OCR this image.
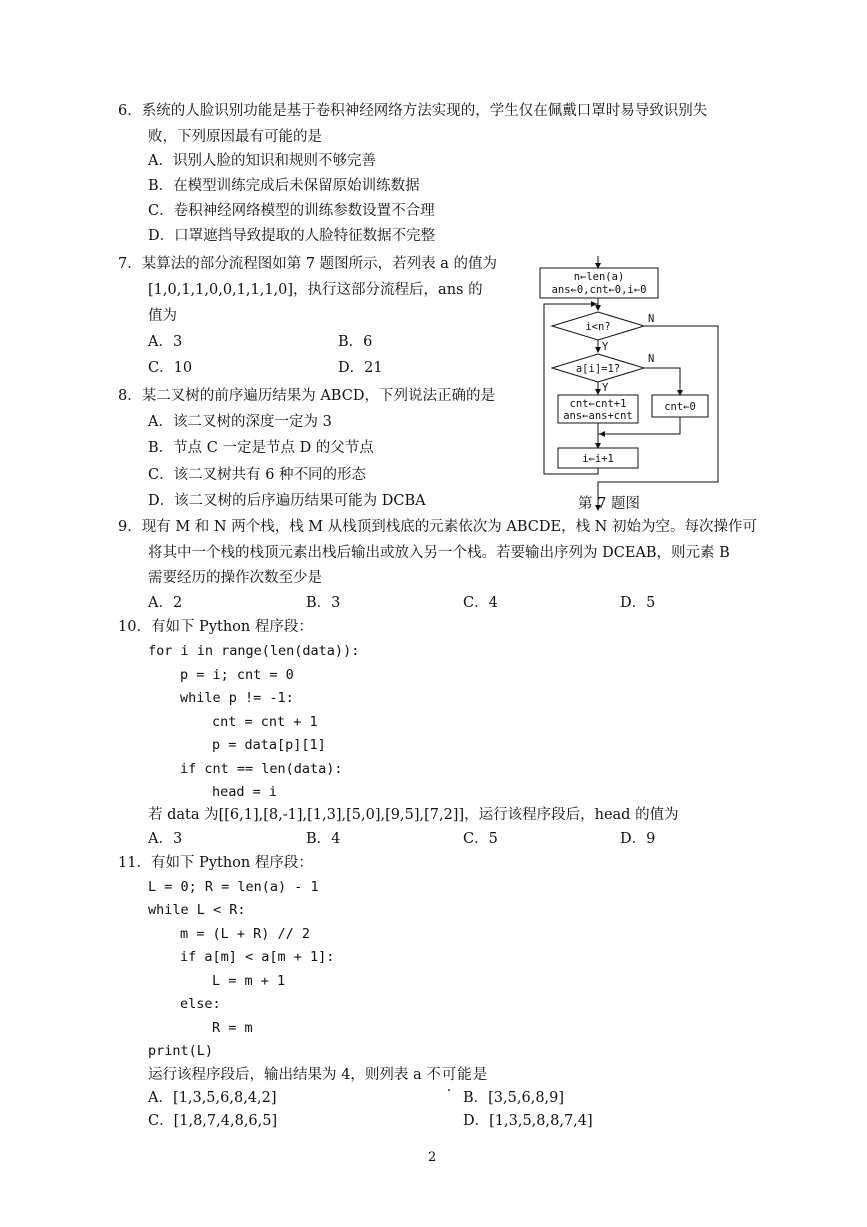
6．系统的人脸识别功能是基于卷积神经网络方法实现的，学生仅在佩戴口罩时易导致识别失
败，下列原因最有可能的是
A．识别人脸的知识和规则不够完善
B．在模型训练完成后未保留原始训练数据
C．卷积神经网络模型的训练参数设置不合理
D．口罩遮挡导致提取的人脸特征数据不完整
7．某算法的部分流程图如第 7 题图所示，若列表 a 的值为
[1,0,1,1,0,0,1,1,1,0]，执行这部分流程后，ans 的
值为
A．3	B．6
C．10	D．21
n←len(a)
ans←0,cnt←0,i←0
i<n?
a[i]=1?
Y
Y
N
N
cnt←cnt+1
ans←ans+cnt
cnt←0
i←i+1
第 7 题图
8．某二叉树的前序遍历结果为 ABCD，下列说法正确的是
A．该二叉树的深度一定为 3
B．节点 C 一定是节点 D 的父节点
C．该二叉树共有 6 种不同的形态
D．该二叉树的后序遍历结果可能为 DCBA
9．现有 M 和 N 两个栈，栈 M 从栈顶到栈底的元素依次为 ABCDE，栈 N 初始为空。每次操作可
将其中一个栈的栈顶元素出栈后输出或放入另一个栈。若要输出序列为 DCEAB，则元素 B
需要经历的操作次数至少是
A．2	B．3	C．4	D．5
10．有如下 Python 程序段：
for i in range(len(data)):
p = i; cnt = 0
while p != -1:
cnt = cnt + 1
p = data[p][1]
if cnt == len(data):
head = i
若 data 为[[6,1],[8,-1],[1,3],[5,0],[9,5],[7,2]]，运行该程序段后，head 的值为
A．3	B．4	C．5	D．9
11．有如下 Python 程序段：
L = 0; R = len(a) - 1
while L < R:
m = (L + R) // 2
if a[m] < a[m + 1]:
L = m + 1
else:
R = m
print(L)
运行该程序段后，输出结果为 4，则列表 a 不可能是
A．[1,3,5,6,8,4,2]	B．[3,5,6,8,9]
C．[1,8,7,4,8,6,5]	D．[1,3,5,8,8,7,4]
2
